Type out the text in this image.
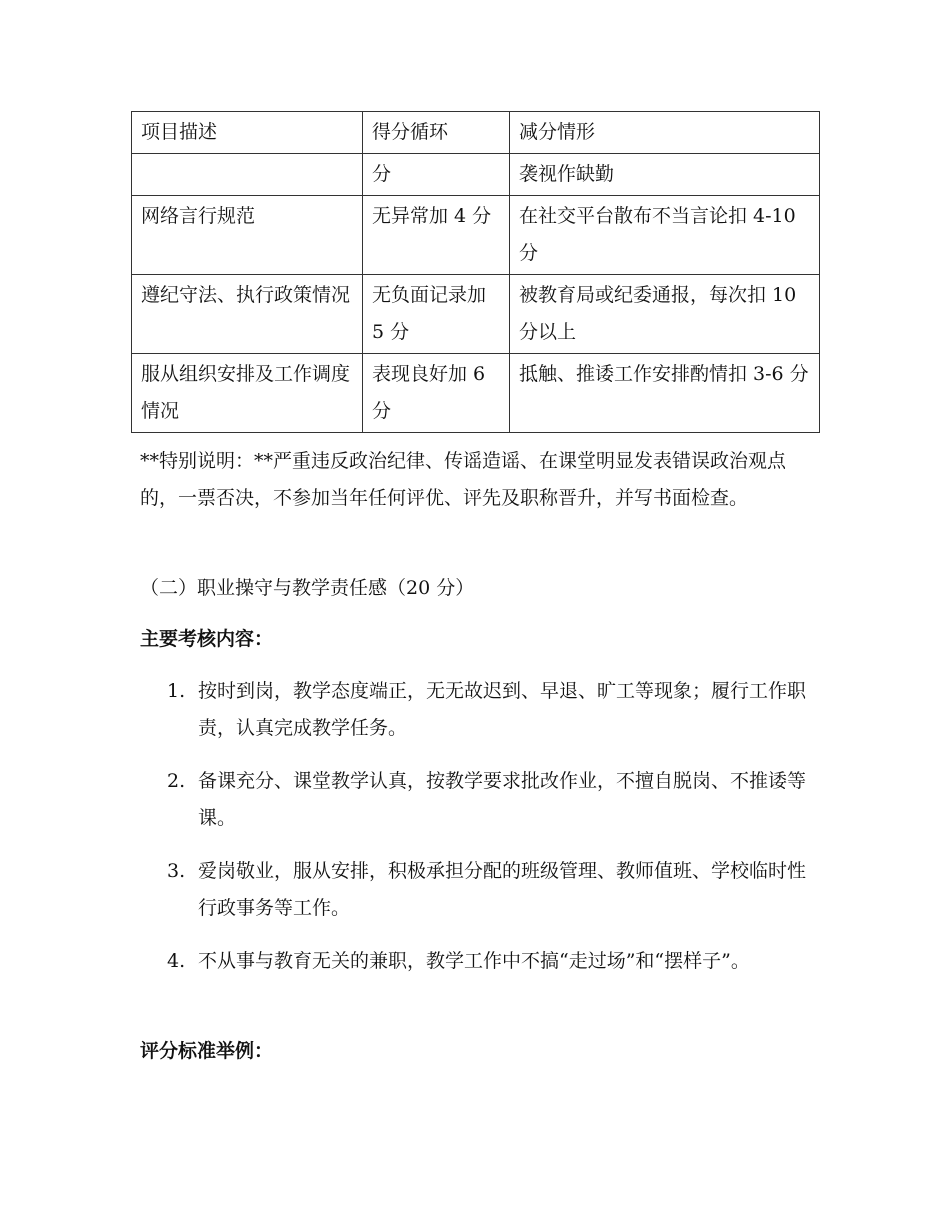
项目描述	得分循环	减分情形
	分	袭视作缺勤
网络言行规范	无异常加 4 分	在社交平台散布不当言论扣 4-10 分
遵纪守法、执行政策情况	无负面记录加 5 分	被教育局或纪委通报，每次扣 10 分以上
服从组织安排及工作调度情况	表现良好加 6 分	抵触、推诿工作安排酌情扣 3-6 分

**特别说明：**严重违反政治纪律、传谣造谣、在课堂明显发表错误政治观点的，一票否决，不参加当年任何评优、评先及职称晋升，并写书面检查。

（二）职业操守与教学责任感（20 分）
主要考核内容：
1. 按时到岗，教学态度端正，无无故迟到、早退、旷工等现象；履行工作职责，认真完成教学任务。
2. 备课充分、课堂教学认真，按教学要求批改作业，不擅自脱岗、不推诿等课。
3. 爱岗敬业，服从安排，积极承担分配的班级管理、教师值班、学校临时性行政事务等工作。
4. 不从事与教育无关的兼职，教学工作中不搞“走过场”和“摆样子”。
评分标准举例：
